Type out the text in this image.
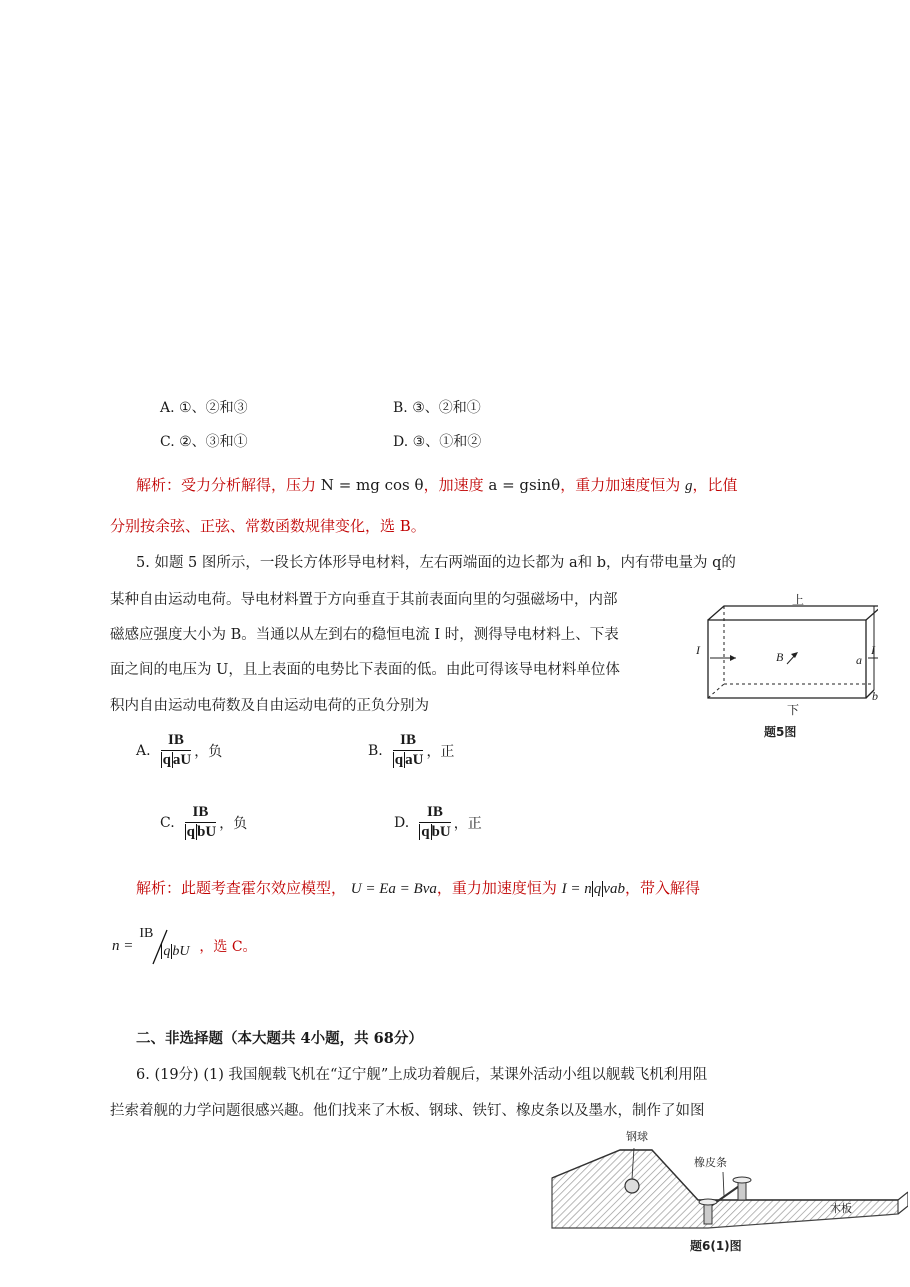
A. ①、②和③	B. ③、②和①
C. ②、③和①	D. ③、①和②
解析：受力分析解得，压力 N = mg cos θ，加速度 a = gsinθ，重力加速度恒为 g，比值
分别按余弦、正弦、常数函数规律变化，选 B。
5. 如题 5 图所示，一段长方体形导电材料，左右两端面的边长都为 a和 b，内有带电量为 q的
某种自由运动电荷。导电材料置于方向垂直于其前表面向里的匀强磁场中，内部
磁感应强度大小为 B。当通以从左到右的稳恒电流 I 时，测得导电材料上、下表
面之间的电压为 U，且上表面的电势比下表面的低。由此可得该导电材料单位体
积内自由运动电荷数及自由运动电荷的正负分别为
上
下
I	I
B	a
b
题5图
A. $\frac{IB}{\text{q aU}}$ ，负	B. $\frac{IB}{\text{q aU}}$ ，正
C. $\frac{IB}{\text{q bU}}$ ，负	D. $\frac{IB}{\text{q bU}}$ ，正
解析：此题考查霍尔效应模型， U = Ea = Bva，重力加速度恒为 I = n q vab，带入解得
n =
IB
q bU ，选 C。
二、非选择题（本大题共 4小题，共 68分）
6. (19分) (1) 我国舰载飞机在“辽宁舰”上成功着舰后，某课外活动小组以舰载飞机利用阻
拦索着舰的力学问题很感兴趣。他们找来了木板、钢球、铁钉、橡皮条以及墨水，制作了如图
钢球
橡皮条
木板
题6(1)图
